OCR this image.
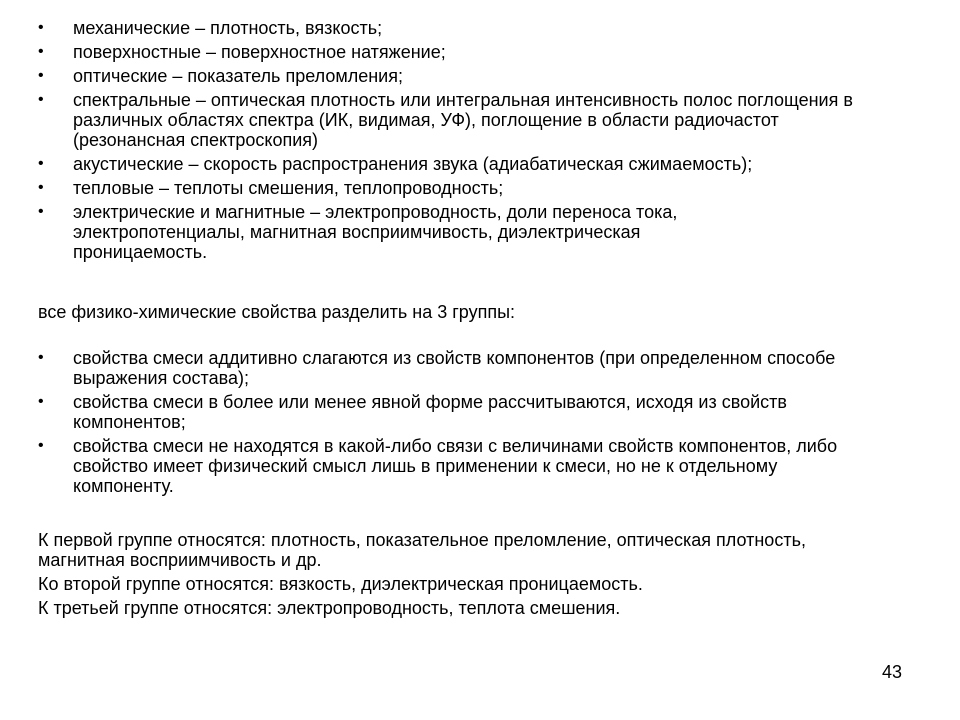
• механические – плотность, вязкость;
• поверхностные – поверхностное натяжение;
• оптические – показатель преломления;
• спектральные – оптическая плотность или интегральная интенсивность полос поглощения в различных областях спектра (ИК, видимая, УФ), поглощение в области радиочастот (резонансная спектроскопия)
• акустические – скорость распространения звука (адиабатическая сжимаемость);
• тепловые – теплоты смешения, теплопроводность;
• электрические и магнитные – электропроводность, доли переноса тока, электропотенциалы, магнитная восприимчивость, диэлектрическая проницаемость.

все физико-химические свойства разделить на 3 группы:

• свойства смеси аддитивно слагаются из свойств компонентов (при определенном способе выражения состава);
• свойства смеси в более или менее явной форме рассчитываются, исходя из свойств компонентов;
• свойства смеси не находятся в какой-либо связи с величинами свойств компонентов, либо свойство имеет физический смысл лишь в применении к смеси, но не к отдельному компоненту.

К первой группе относятся: плотность, показательное преломление, оптическая плотность, магнитная восприимчивость и др.

Ко второй группе относятся: вязкость, диэлектрическая проницаемость.

К третьей группе относятся: электропроводность, теплота смешения.

43
